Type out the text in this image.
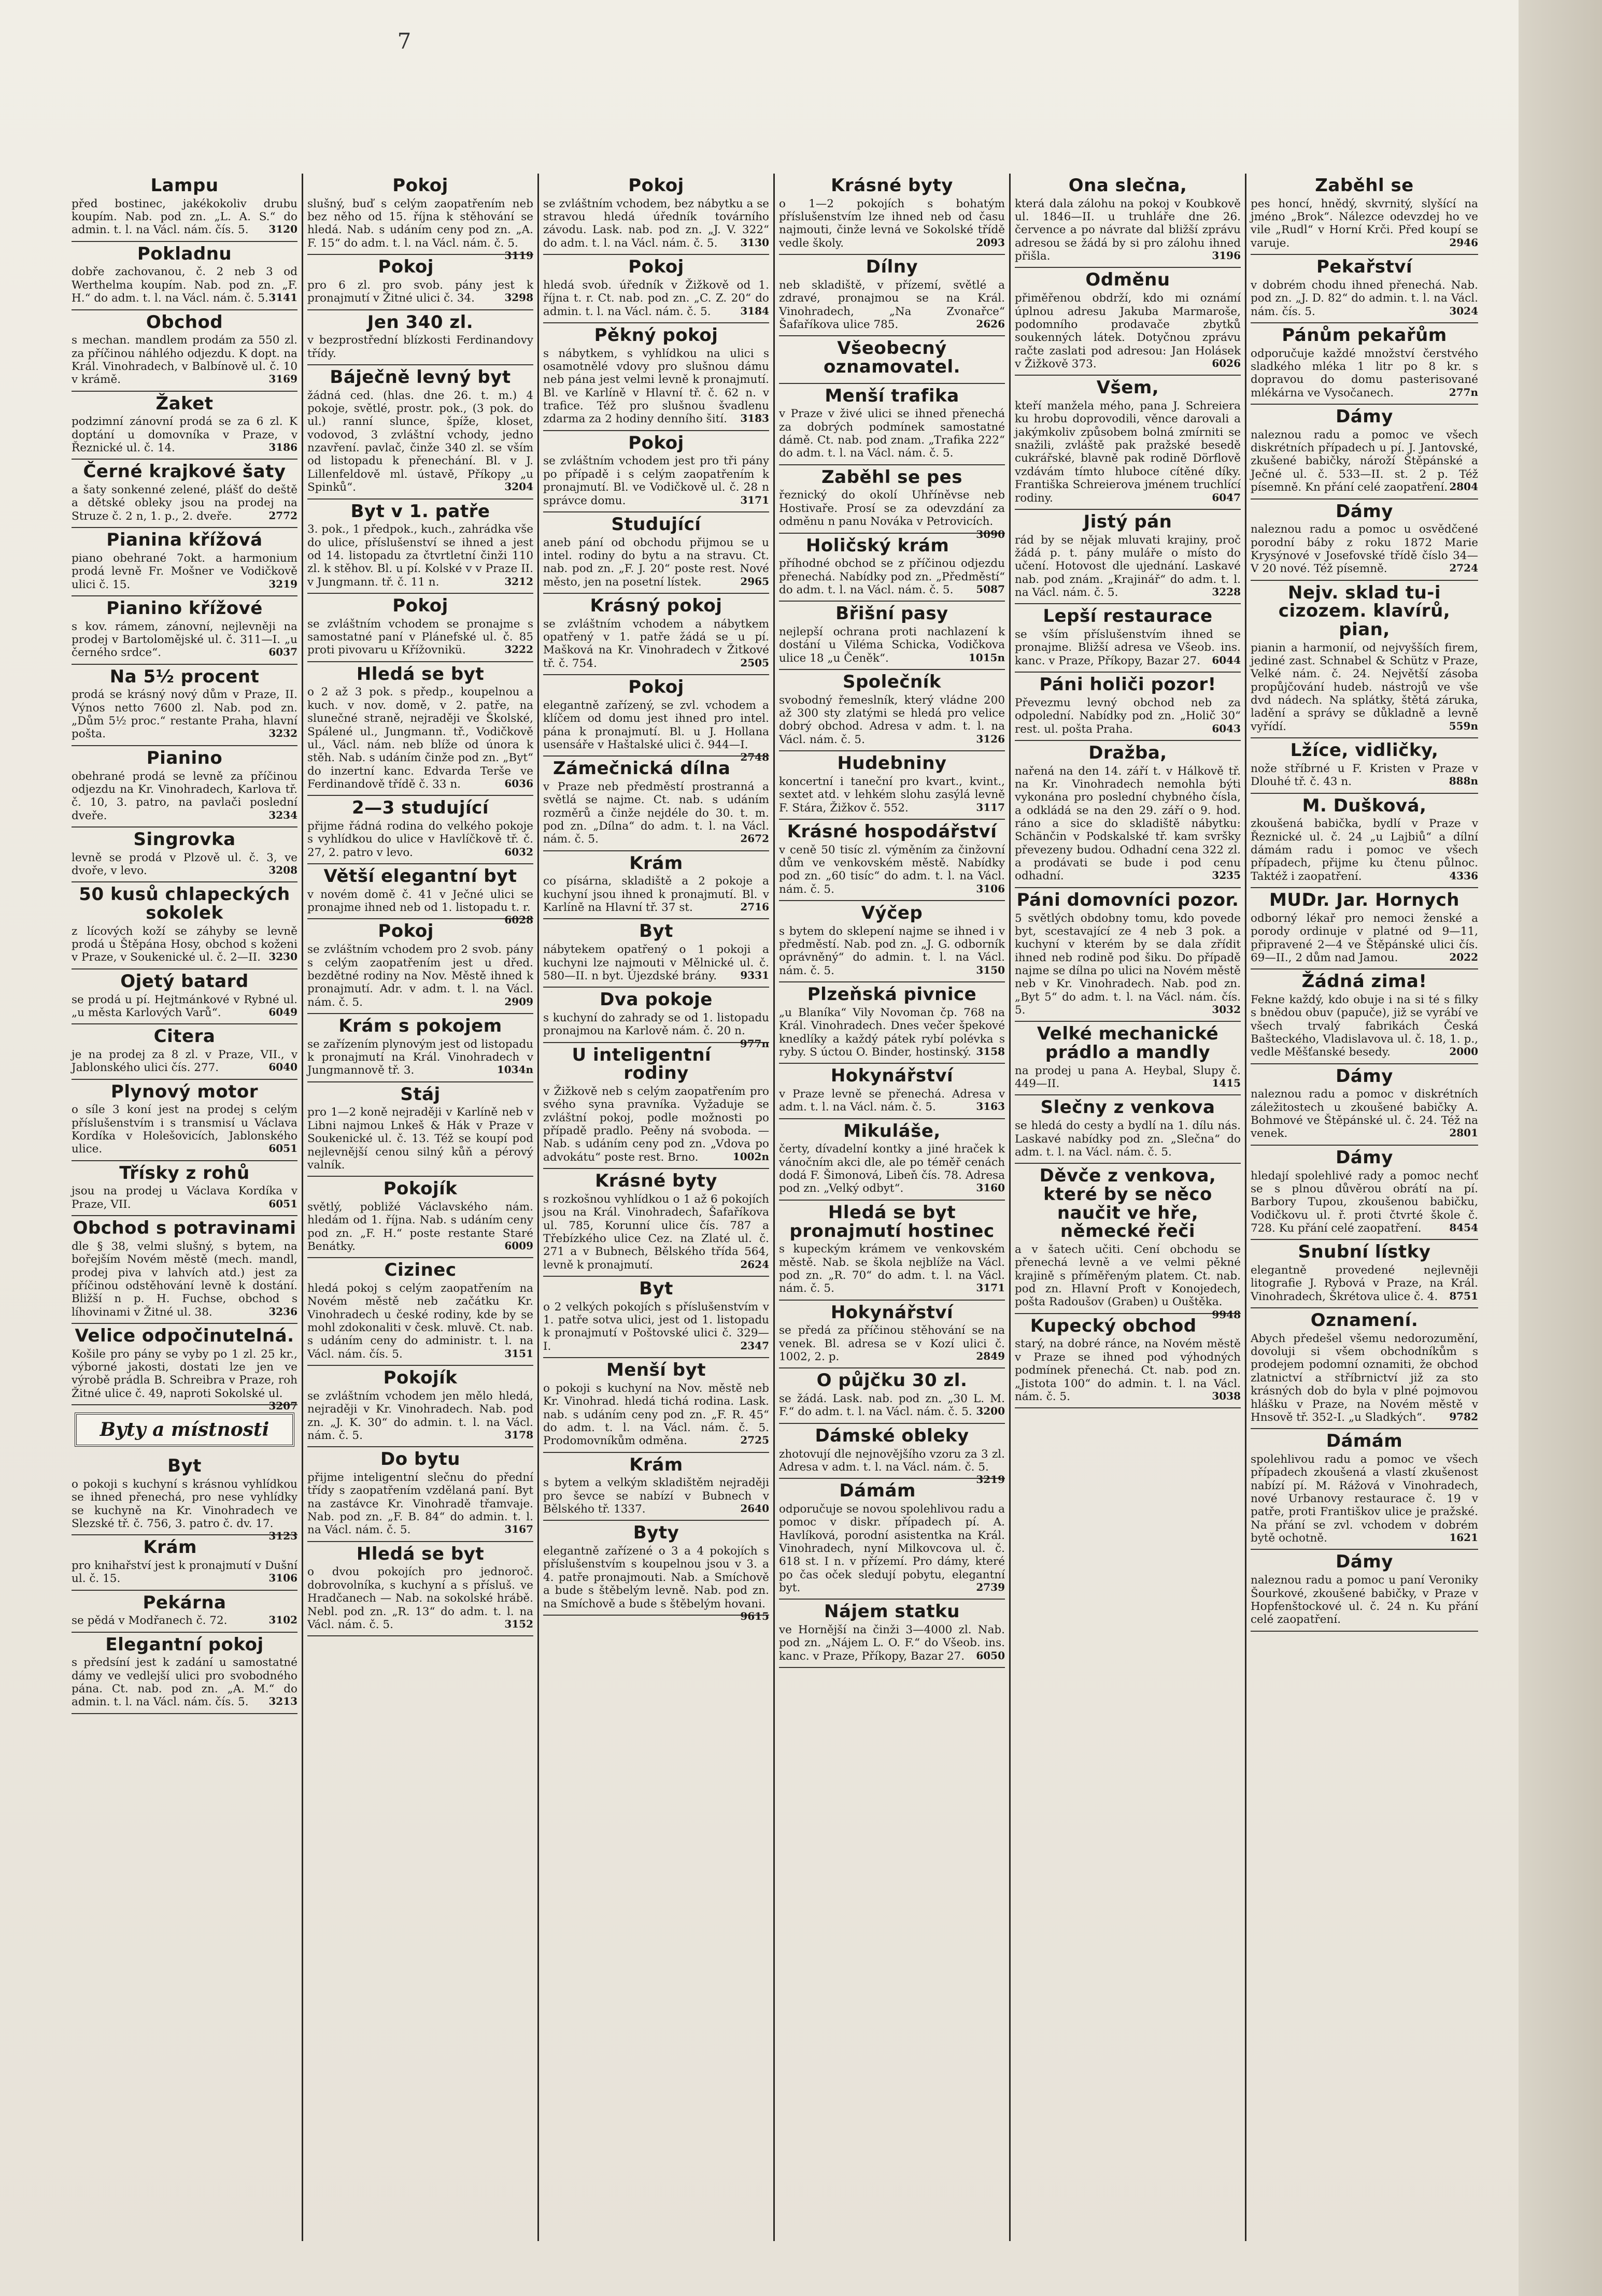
7
Lampu

před bostinec, jakékokoliv drubu koupím. Nab. pod zn. „L. A. S.“ do admin. t. l. na Václ. nám. čís. 5. 3120

Pokladnu

dobře zachovanou, č. 2 neb 3 od Werthelma koupím. Nab. pod zn. „F. H.“ do adm. t. l. na Václ. nám. č. 5. 3141

Obchod

s mechan. mandlem prodám za 550 zl. za příčinou náhlého odjezdu. K dopt. na Král. Vinohradech, v Balbínově ul. č. 10 v krámě.	3169

Žaket

podzimní zánovní prodá se za 6 zl. K doptání u domovníka v Praze, v Řeznické ul. č. 14.	3186

Černé krajkové šaty

a šaty sonkenné zelené, plášť do deště a dětské obleky jsou na prodej na Struze č. 2 n, 1. p., 2. dveře.	2772

Pianina křížová

piano obehrané 7okt. a harmonium prodá levně Fr. Mošner ve Vodičkově ulici č. 15.	3219

Pianino křížové

s kov. rámem, zánovní, nejlevněji na prodej v Bartolomějské ul. č. 311—I. „u černého srdce“.	6037

Na 5½ procent

prodá se krásný nový dům v Praze, II. Výnos netto 7600 zl. Nab. pod zn. „Dům 5½ proc.“ restante Praha, hlavní pošta.	3232

Pianino

obehrané prodá se levně za příčinou odjezdu na Kr. Vinohradech, Karlova tř. č. 10, 3. patro, na pavlači poslední dveře.	3234

Singrovka

levně se prodá v Plzově ul. č. 3, ve dvoře, v levo.	3208

50 kusů chlapeckých sokolek

z lícových koží se záhyby se levně prodá u Štěpána Hosy, obchod s koženi v Praze, v Soukenické ul. č. 2—II. 3230

Ojetý batard

se prodá u pí. Hejtmánkové v Rybné ul. „u města Karlových Varů“.	6049

Citera

je na prodej za 8 zl. v Praze, VII., v Jablonského ulici čís. 277.	6040

Plynový motor

o síle 3 koní jest na prodej s celým příslušenstvím i s transmisí u Václava Kordíka v Holešovicích, Jablonského ulice.	6051

Třísky z rohů

jsou na prodej u Václava Kordíka v Praze, VII.	6051

Obchod s potravinami

dle § 38, velmi slušný, s bytem, na bořejším Novém městě (mech. mandl, prodej piva v lahvích atd.) jest za příčinou odstěhování levně k dostání. Bližší n p. H. Fuchse, obchod s líhovinami v Žitné ul. 38.	3236

Velice odpočinutelná.

Košile pro pány se vyby po 1 zl. 25 kr., výborné jakosti, dostati lze jen ve výrobě prádla B. Schreibra v Praze, roh Žitné ulice č. 49, naproti Sokolské ul.
3207

Byty a místnosti
Byt

o pokoji s kuchyní s krásnou vyhlídkou se ihned přenechá, pro nese vyhlídky se kuchyně na Kr. Vinohradech ve Slezské tř. č. 756, 3. patro č. dv. 17.
3123

Krám

pro knihařství jest k pronajmutí v Dušní ul. č. 15.	3106

Pekárna

se pědá v Modřanech č. 72.	3102

Elegantní pokoj

s předsíní jest k zadání u samostatné dámy ve vedlejší ulici pro svobodného pána. Ct. nab. pod zn. „A. M.“ do admin. t. l. na Václ. nám. čís. 5. 3213

Pokoj

slušný, buď s celým zaopatřením neb bez něho od 15. října k stěhování se hledá. Nab. s udáním ceny pod zn. „A. F. 15“ do adm. t. l. na Václ. nám. č. 5.
3119

Pokoj

pro 6 zl. pro svob. pány jest k pronajmutí v Žitné ulici č. 34.	3298

Jen 340 zl.

v bezprostřední blízkosti Ferdinandovy třídy.

Báječně levný byt

žádná ced. (hlas. dne 26. t. m.) 4 pokoje, světlé, prostr. pok., (3 pok. do ul.) ranní slunce, špíže, kloset, vodovod, 3 zvláštní vchody, jedno nzavření. pavlač, činže 340 zl. se vším od listopadu k přenechání. Bl. v J. Lillenfeldově ml. ústavě, Příkopy „u Spinků“.	3204

Byt v 1. patře

3. pok., 1 předpok., kuch., zahrádka vše do ulice, příslušenství se ihned a jest od 14. listopadu za čtvrtletní činži 110 zl. k stěhov. Bl. u pí. Kolské v v Praze II. v Jungmann. tř. č. 11 n.	3212

Pokoj

se zvláštním vchodem se pronajme s samostatné paní v Plánefské ul. č. 85 proti pivovaru u Křížovnikü.	3222

Hledá se byt

o 2 až 3 pok. s předp., koupelnou a kuch. v nov. domě, v 2. patře, na slunečné straně, nejraději ve Školské, Spálené ul., Jungmann. tř., Vodičkově ul., Václ. nám. neb blíže od února k stěh. Nab. s udáním činže pod zn. „Byt“ do inzertní kanc. Edvarda Terše ve Ferdinandově třídě č. 33 n.	6036

2—3 studující

přijme řádná rodina do velkého pokoje s vyhlídkou do ulice v Havlíčkově tř. č. 27, 2. patro v levo.	6032

Větší elegantní byt

v novém domě č. 41 v Ječné ulici se pronajme ihned neb od 1. listopadu t. r.
6028

Pokoj

se zvláštním vchodem pro 2 svob. pány s celým zaopatřením jest u dřed. bezdětné rodiny na Nov. Městě ihned k pronajmutí. Adr. v adm. t. l. na Václ. nám. č. 5.	2909

Krám s pokojem

se zařízením plynovým jest od listopadu k pronajmutí na Král. Vinohradech v Jungmannově tř. 3.	1034n

Stáj

pro 1—2 koně nejraději v Karlíně neb v Libni najmou Lnkeš & Hák v Praze v Soukenické ul. č. 13. Též se koupí pod nejlevnější cenou silný kůň a pérový valník.

Pokojík

světlý, pobližé Václavského nám. hledám od 1. října. Nab. s udáním ceny pod zn. „F. H.“ poste restante Staré Benátky.	6009

Cizinec

hledá pokoj s celým zaopatřením na Novém městě neb začátku Kr. Vinohradech u české rodiny, kde by se mohl zdokonaliti v česk. mluvě. Ct. nab. s udáním ceny do administr. t. l. na Václ. nám. čís. 5.	3151

Pokojík

se zvláštním vchodem jen mělo hledá, nejraději v Kr. Vinohradech. Nab. pod zn. „J. K. 30“ do admin. t. l. na Václ. nám. č. 5.	3178

Do bytu

přijme inteligentní slečnu do přední třídy s zaopatřením vzdělaná paní. Byt na zastávce Kr. Vinohradě třamvaje. Nab. pod zn. „F. B. 84“ do admin. t. l. na Václ. nám. č. 5.	3167

Hledá se byt

o dvou pokojích pro jednoroč. dobrovolníka, s kuchyní a s přísluš. ve Hradčanech — Nab. na sokolské hrábě. Nebl. pod zn. „R. 13“ do adm. t. l. na Václ. nám. č. 5.	3152

Pokoj

se zvláštním vchodem, bez nábytku a se stravou hledá úředník továrního závodu. Lask. nab. pod zn. „J. V. 322“ do adm. t. l. na Václ. nám. č. 5. 3130

Pokoj

hledá svob. úředník v Žižkově od 1. října t. r. Ct. nab. pod zn. „C. Z. 20“ do admin. t. l. na Václ. nám. č. 5.	3184

Pěkný pokoj

s nábytkem, s vyhlídkou na ulici s osamotnělé vdovy pro slušnou dámu neb pána jest velmi levně k pronajmutí. Bl. ve Karlíně v Hlavní tř. č. 62 n. v trafice. Též pro slušnou švadlenu zdarma za 2 hodiny denního šití. 3183

Pokoj

se zvláštním vchodem jest pro tři pány po případě i s celým zaopatřením k pronajmutí. Bl. ve Vodičkově ul. č. 28 n správce domu.	3171

Studující

aneb pání od obchodu přijmou se u intel. rodiny do bytu a na stravu. Ct. nab. pod zn. „F. J. 20“ poste rest. Nové město, jen na posetní lístek.	2965

Krásný pokoj

se zvláštním vchodem a nábytkem opatřený v 1. patře žádá se u pí. Mašková na Kr. Vinohradech v Žitkové tř. č. 754.	2505

Pokoj

elegantně zařízený, se zvl. vchodem a klíčem od domu jest ihned pro intel. pána k pronajmutí. Bl. u J. Hollana usensáře v Haštalské ulici č. 944—I.
2748

Zámečnická dílna

v Praze neb předměstí prostranná a světlá se najme. Ct. nab. s udáním rozměrů a činže nejdéle do 30. t. m. pod zn. „Dílna“ do adm. t. l. na Václ. nám. č. 5.	2672

Krám

co písárna, skladiště a 2 pokoje a kuchyní jsou ihned k pronajmutí. Bl. v Karlíně na Hlavní tř. 37 st.	2716

Byt

nábytekem opatřený o 1 pokoji a kuchyni lze najmouti v Mělnické ul. č. 580—II. n byt. Újezdské brány. 9331

Dva pokoje

s kuchyní do zahrady se od 1. listopadu pronajmou na Karlově nám. č. 20 n.
977n

U inteligentní rodiny

v Žižkově neb s celým zaopatřením pro svého syna pravníka. Vyžaduje se zvláštní pokoj, podle možnosti po případě pradlo. Peěny ná svoboda. — Nab. s udáním ceny pod zn. „Vdova po advokátu“ poste rest. Brno.	1002n

Krásné byty

s rozkošnou vyhlídkou o 1 až 6 pokojích jsou na Král. Vinohradech, Šafaříkova ul. 785, Korunní ulice čís. 787 a Třebízkého ulice Cez. na Zlaté ul. č. 271 a v Bubnech, Bělského třída 564, levně k pronajmutí.	2624

Byt

o 2 velkých pokojích s příslušenstvím v 1. patře sotva ulici, jest od 1. listopadu k pronajmutí v Poštovské ulici č. 329—I.	2347

Menší byt

o pokoji s kuchyní na Nov. městě neb Kr. Vinohrad. hledá tichá rodina. Lask. nab. s udáním ceny pod zn. „F. R. 45“ do adm. t. l. na Václ. nám. č. 5. Prodomovníkům odměna.	2725

Krám

s bytem a velkým skladištěm nejraději pro ševce se nabízí v Bubnech v Bělského tř. 1337.	2640

Byty

elegantně zařízené o 3 a 4 pokojích s příslušenstvím s koupelnou jsou v 3. a 4. patře pronajmouti. Nab. a Smíchově a bude s štěbelým levně. Nab. pod zn. na Smíchově a bude s štěbelým hovani.
9615

Krásné byty

o 1—2 pokojích s bohatým příslušenstvím lze ihned neb od času najmouti, činže levná ve Sokolské třídě vedle školy.	2093

Dílny

neb skladiště, v přízemí, světlé a zdravé, pronajmou se na Král. Vinohradech, „Na Zvonařce“ Šafaříkova ulice 785.	2626

Všeobecný oznamovatel.

Menší trafika

v Praze v živé ulici se ihned přenechá za dobrých podmínek samostatné dámě. Ct. nab. pod znam. „Trafika 222“ do adm. t. l. na Václ. nám. č. 5.

Zaběhl se pes

řeznický do okolí Uhříněvse neb Hostivaře. Prosí se za odevzdání za odměnu n panu Nováka v Petrovicích.
3090

Holičský krám

příhodné obchod se z příčinou odjezdu přenechá. Nabídky pod zn. „Předměstí“ do adm. t. l. na Václ. nám. č. 5. 5087

Břišní pasy

nejlepší ochrana proti nachlazení k dostání u Viléma Schicka, Vodičkova ulice 18 „u Čeněk“.	1015n

Společník

svobodný řemeslník, který vládne 200 až 300 sty zlatými se hledá pro velice dobrý obchod. Adresa v adm. t. l. na Václ. nám. č. 5.	3126

Hudebniny

koncertní i taneční pro kvart., kvint., sextet atd. v lehkém slohu zasýlá levně F. Stára, Žižkov č. 552.	3117

Krásné hospodářství

v ceně 50 tisíc zl. výměním za činžovní dům ve venkovském městě. Nabídky pod zn. „60 tisíc“ do adm. t. l. na Václ. nám. č. 5.	3106

Výčep

s bytem do sklepení najme se ihned i v předměstí. Nab. pod zn. „J. G. odborník oprávněný“ do admin. t. l. na Václ. nám. č. 5.	3150

Plzeňská pivnice

„u Blaníka“ Vily Novoman čp. 768 na Král. Vinohradech. Dnes večer špekové knedlíky a každý pátek rybí polévka s ryby. S úctou O. Binder, hostinský. 3158

Hokynářství

v Praze levně se přenechá. Adresa v adm. t. l. na Václ. nám. č. 5.	3163

Mikuláše,

čerty, dívadelní kontky a jiné hraček k vánočním akci dle, ale po téměř cenách dodá F. Šimonová, Libeň čís. 78. Adresa pod zn. „Velký odbyt“.	3160

Hledá se byt pronajmutí hostinec

s kupeckým krámem ve venkovském městě. Nab. se škola nejblíže na Václ. pod zn. „R. 70“ do adm. t. l. na Václ. nám. č. 5.	3171

Hokynářství

se předá za příčinou stěhování se na venek. Bl. adresa se v Kozí ulici č. 1002, 2. p.	2849

O půjčku 30 zl.

se žádá. Lask. nab. pod zn. „30 L. M. F.“ do adm. t. l. na Václ. nám. č. 5. 3200

Dámské obleky

zhotovují dle nejnovějšího vzoru za 3 zl. Adresa v adm. t. l. na Václ. nám. č. 5.
3219

Dámám

odporučuje se novou spolehlivou radu a pomoc v diskr. případech pí. A. Havlíková, porodní asistentka na Král. Vinohradech, nyní Milkovcova ul. č. 618 st. I n. v přízemí. Pro dámy, které po čas oček sledují pobytu, elegantní byt.	2739

Nájem statku

ve Hornější na činži 3—4000 zl. Nab. pod zn. „Nájem L. O. F.“ do Všeob. ins. kanc. v Praze, Příkopy, Bazar 27. 6050

Ona slečna,

která dala zálohu na pokoj v Koubkově ul. 1846—II. u truhláře dne 26. července a po návrate dal bližší zprávu adresou se žádá by si pro zálohu ihned přišla.	3196

Odměnu

přiměřenou obdrží, kdo mi oznámí úplnou adresu Jakuba Marmaroše, podomního prodavače zbytků soukenných látek. Dotyčnou zprávu račte zaslati pod adresou: Jan Holásek v Žižkově 373.	6026

Všem,

kteří manžela mého, pana J. Schreiera ku hrobu doprovodili, věnce darovali a jakýmkoliv způsobem bolná zmírniti se snažili, zvláště pak pražské besedě cukrářské, blavně pak rodině Dörflově vzdávám tímto hluboce cítěné díky. Františka Schreierova jménem truchlící rodiny.	6047

Jistý pán

rád by se nějak mluvati krajiny, proč žádá p. t. pány muláře o místo do učení. Hotovost dle ujednání. Laskavé nab. pod znám. „Krajinář“ do adm. t. l. na Václ. nám. č. 5.	3228

Lepší restaurace

se vším příslušenstvím ihned se pronajme. Bližší adresa ve Všeob. ins. kanc. v Praze, Příkopy, Bazar 27. 6044

Páni holiči pozor!

Převezmu levný obchod neb za odpolední. Nabídky pod zn. „Holič 30“ rest. ul. pošta Praha.	6043

Dražba,

nařená na den 14. září t. v Hálkově tř. na Kr. Vinohradech nemohla býti vykonána pro poslední chybného čísla, a odkládá se na den 29. září o 9. hod. ráno a sice do skladiště nábytku: Schänčin v Podskalské tř. kam svršky převezeny budou. Odhadní cena 322 zl. a prodávati se bude i pod cenu odhadní.	3235

Páni domovníci pozor.

5 světlých obdobny tomu, kdo povede byt, scestavající ze 4 neb 3 pok. a kuchyní v kterém by se dala zřídit ihned neb rodině pod šiku. Do případě najme se dílna po ulici na Novém městě neb v Kr. Vinohradech. Nab. pod zn. „Byt 5“ do adm. t. l. na Václ. nám. čís. 5.	3032

Velké mechanické prádlo a mandly

na prodej u pana A. Heybal, Slupy č. 449—II.	1415

Slečny z venkova

se hledá do cesty a bydlí na 1. dílu nás. Laskavé nabídky pod zn. „Slečna“ do adm. t. l. na Václ. nám. č. 5.

Děvče z venkova, které by se něco naučit ve hře, německé řeči

a v šatech učiti. Cení obchodu se přenechá levně a ve velmi pěkné krajině s příměřeným platem. Ct. nab. pod zn. Hlavní Proft v Konojedech, pošta Radoušov (Graben) u Ouštěka.
9948

Kupecký obchod

starý, na dobré ránce, na Novém městě v Praze se ihned pod výhodných podmínek přenechá. Ct. nab. pod zn. „Jistota 100“ do admin. t. l. na Václ. nám. č. 5.	3038

Zaběhl se

pes honcí, hnědý, skvrnitý, slyšící na jméno „Brok“. Nálezce odevzdej ho ve vile „Rudl“ v Horní Krči. Před koupí se varuje.	2946

Pekařství

v dobrém chodu ihned přenechá. Nab. pod zn. „J. D. 82“ do admin. t. l. na Václ. nám. čís. 5.	3024

Pánům pekařům

odporučuje každé množství čerstvého sladkého mléka 1 litr po 8 kr. s dopravou do domu pasterisované mlékárna ve Vysočanech.	277n

Dámy

naleznou radu a pomoc ve všech diskrétních případech u pí. J. Jantovské, zkušené babičky, nároží Štěpánské a Ječné ul. č. 533—II. st. 2 p. Též písemně. Kn přání celé zaopatření. 2804

Dámy

naleznou radu a pomoc u osvědčené porodní báby z roku 1872 Marie Krysýnové v Josefovské třídě číslo 34—V 20 nové. Též písemně.	2724

Nejv. sklad tu-i cizozem. klavírů, pian,

pianin a harmonií, od nejvyšších firem, jediné zast. Schnabel & Schütz v Praze, Velké nám. č. 24. Největší zásoba propůjčování hudeb. nástrojů ve vše dvd nádech. Na splátky, štětá záruka, ladění a správy se důkladně a levně vyřídí.	559n

Lžíce, vidličky,

nože stříbrné u F. Kristen v Praze v Dlouhé tř. č. 43 n.	888n

M. Dušková,

zkoušená babička, bydlí v Praze v Řeznické ul. č. 24 „u Lajbiů“ a dílní dámám radu i pomoc ve všech případech, přijme ku čtenu půlnoc. Taktéž i zaopatření.	4336

MUDr. Jar. Hornych

odborný lékař pro nemoci ženské a porody ordinuje v platné od 9—11, připravené 2—4 ve Štěpánské ulici čís. 69—II., 2 dům nad Jamou.	2022

Žádná zima!

Fekne každý, kdo obuje i na si té s filky s bnědou obuv (papuče), již se vyrábí ve všech trvalý fabrikách Česká Bašteckého, Vladislavova ul. č. 18, 1. p., vedle Měšťanské besedy.	2000

Dámy

naleznou radu a pomoc v diskrétních záležitostech u zkoušené babičky A. Bohmové ve Štěpánské ul. č. 24. Též na venek.	2801

Dámy

hledají spolehlivé rady a pomoc nechť se s plnou důvěrou obrátí na pí. Barbory Tupou, zkoušenou babičku, Vodičkovu ul. ř. proti čtvrté škole č. 728. Ku přání celé zaopatření.	8454

Snubní lístky

elegantně provedené nejlevněji litografie J. Rybová v Praze, na Král. Vinohradech, Škrétova ulice č. 4. 8751

Oznamení.

Abych předešel všemu nedorozumění, dovoluji si všem obchodníkům s prodejem podomní oznamiti, že obchod zlatnictví a stříbrnictví již za sto krásných dob do byla v plné pojmovou hlášku v Praze, na Novém městě v Hnsově tř. 352-I. „u Sladkých“. 9782

Dámám

spolehlivou radu a pomoc ve všech případech zkoušená a vlastí zkušenost nabízí pí. M. Rážová v Vinohradech, nové Urbanovy restaurace č. 19 v patře, proti Františkov ulice je pražské. Na přání se zvl. vchodem v dobrém bytě ochotně.	1621

Dámy

naleznou radu a pomoc u paní Veroniky Šourkové, zkoušené babičky, v Praze v Hopfenštockové ul. č. 24 n. Ku přání celé zaopatření.
